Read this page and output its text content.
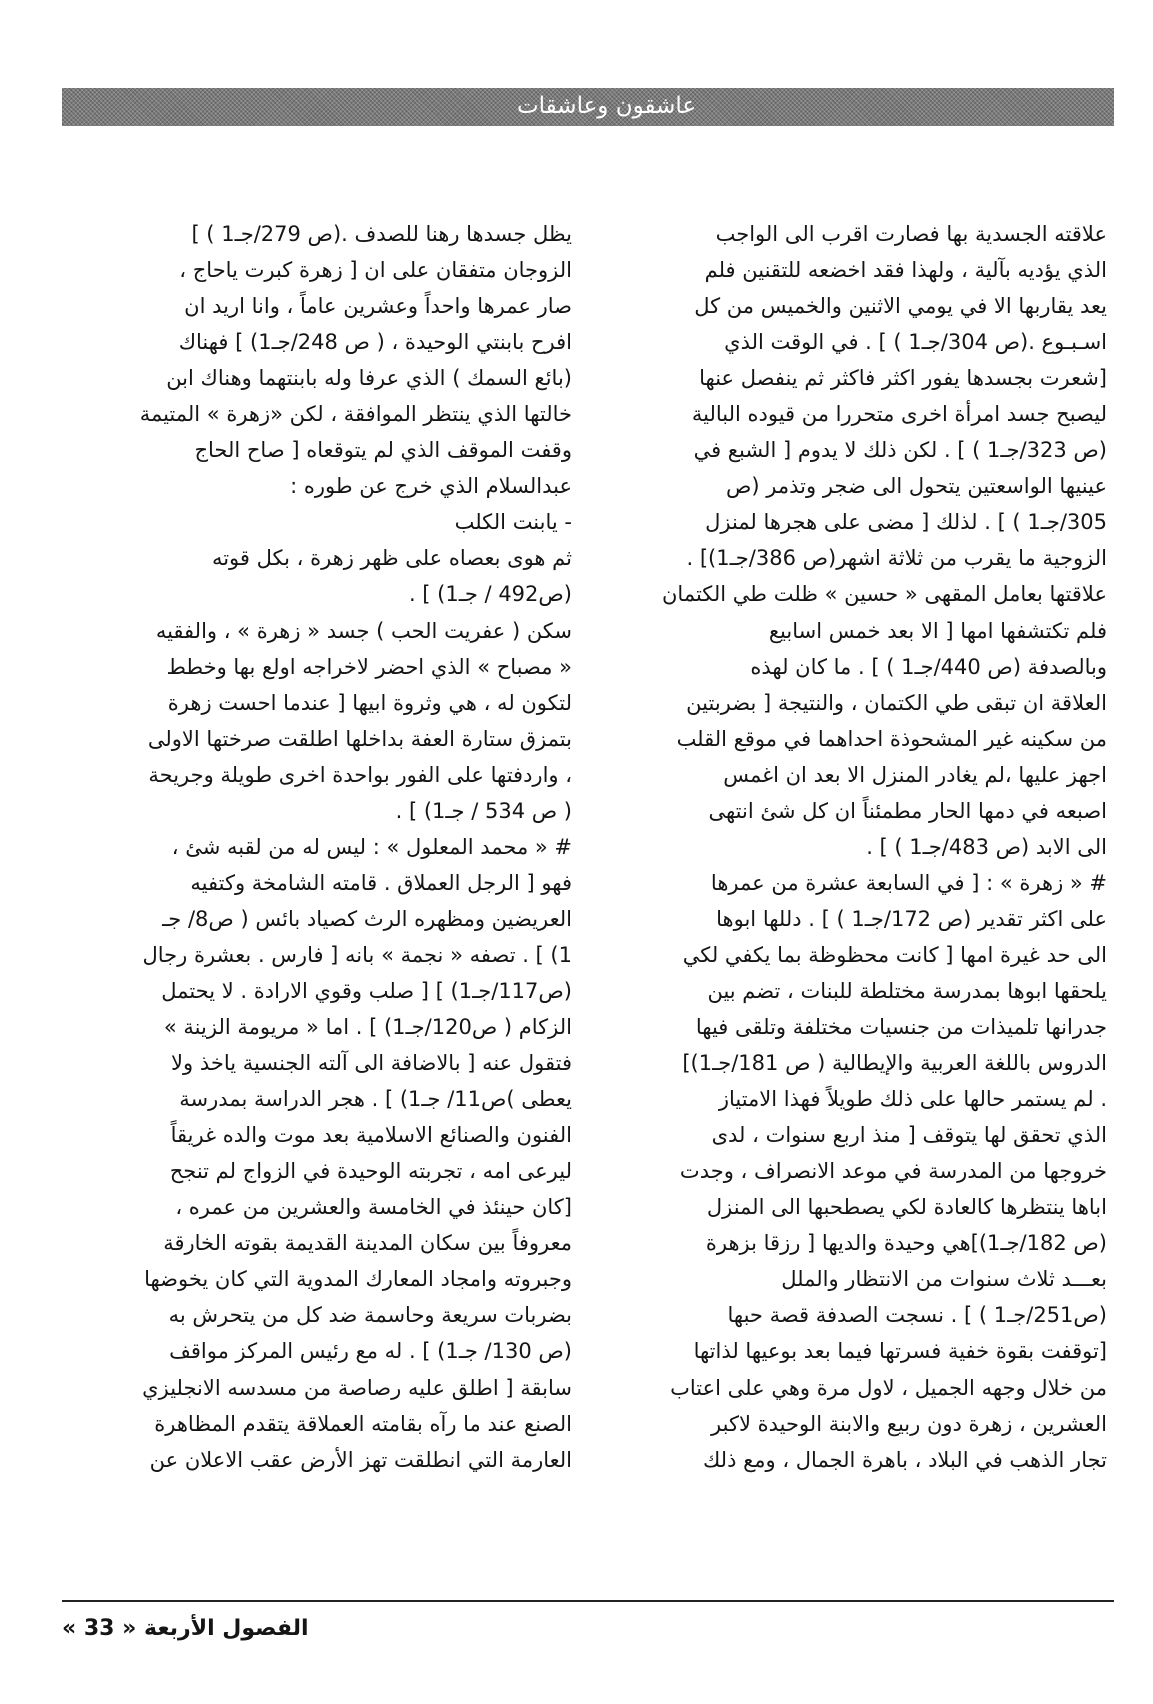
عاشقون وعاشقات

علاقته الجسدية بها فصارت اقرب الى الواجب
الذي يؤديه بآلية ، ولهذا فقد اخضعه للتقنين فلم
يعد يقاربها الا في يومي الاثنين والخميس من كل
اسـبـوع .(ص 304/جـ1 ) ] . في الوقت الذي
[شعرت بجسدها يفور اكثر فاكثر ثم ينفصل عنها
ليصبح جسد امرأة اخرى متحررا من قيوده البالية
(ص 323/جـ1 ) ] . لكن ذلك لا يدوم [ الشبع في
عينيها الواسعتين يتحول الى ضجر وتذمر (ص
305/جـ1 ) ] . لذلك [ مضى على هجرها لمنزل
الزوجية ما يقرب من ثلاثة اشهر(ص 386/جـ1)] .
علاقتها بعامل المقهى « حسين » ظلت طي الكتمان
فلم تكتشفها امها [ الا بعد خمس اسابيع
وبالصدفة (ص 440/جـ1 ) ] . ما كان لهذه
العلاقة ان تبقى طي الكتمان ، والنتيجة [ بضربتين
من سكينه غير المشحوذة احداهما في موقع القلب
اجهز عليها ،لم يغادر المنزل الا بعد ان اغمس
اصبعه في دمها الحار مطمئناً ان كل شئ انتهى
الى الابد (ص 483/جـ1 ) ] .
# « زهرة » : [ في السابعة عشرة من عمرها
على اكثر تقدير (ص 172/جـ1 ) ] . دللها ابوها
الى حد غيرة امها [ كانت محظوظة بما يكفي لكي
يلحقها ابوها بمدرسة مختلطة للبنات ، تضم بين
جدرانها تلميذات من جنسيات مختلفة وتلقى فيها
الدروس باللغة العربية والإيطالية ( ص 181/جـ1)]
. لم يستمر حالها على ذلك طويلاً فهذا الامتياز
الذي تحقق لها يتوقف [ منذ اربع سنوات ، لدى
خروجها من المدرسة في موعد الانصراف ، وجدت
اباها ينتظرها كالعادة لكي يصطحبها الى المنزل
(ص 182/جـ1)]هي وحيدة والديها [ رزقا بزهرة
بعـــد ثلاث سنوات من الانتظار والملل
(ص251/جـ1 ) ] . نسجت الصدفة قصة حبها
[توقفت بقوة خفية فسرتها فيما بعد بوعيها لذاتها
من خلال وجهه الجميل ، لاول مرة وهي على اعتاب
العشرين ، زهرة دون ربيع والابنة الوحيدة لاكبر
تجار الذهب في البلاد ، باهرة الجمال ، ومع ذلك

يظل جسدها رهنا للصدف .(ص 279/جـ1 ) ]
الزوجان متفقان على ان [ زهرة كبرت ياحاج ،
صار عمرها واحداً وعشرين عاماً ، وانا اريد ان
افرح بابنتي الوحيدة ، ( ص 248/جـ1) ] فهناك
(بائع السمك ) الذي عرفا وله بابنتهما وهناك ابن
خالتها الذي ينتظر الموافقة ، لكن «زهرة » المتيمة
وقفت الموقف الذي لم يتوقعاه [ صاح الحاج
عبدالسلام الذي خرج عن طوره :
- يابنت الكلب
ثم هوى بعصاه على ظهر زهرة ، بكل قوته
(ص492 / جـ1) ] .
سكن ( عفريت الحب ) جسد « زهرة » ، والفقيه
« مصباح » الذي احضر لاخراجه اولع بها وخطط
لتكون له ، هي وثروة ابيها [ عندما احست زهرة
بتمزق ستارة العفة بداخلها اطلقت صرختها الاولى
، واردفتها على الفور بواحدة اخرى طويلة وجريحة
( ص 534 / جـ1) ] .
# « محمد المعلول » : ليس له من لقبه شئ ،
فهو [ الرجل العملاق . قامته الشامخة وكتفيه
العريضين ومظهره الرث كصياد بائس ( ص8/ جـ
1) ] . تصفه « نجمة » بانه [ فارس . بعشرة رجال
(ص117/جـ1) ] [ صلب وقوي الارادة . لا يحتمل
الزكام ( ص120/جـ1) ] . اما « مريومة الزينة »
فتقول عنه [ بالاضافة الى آلته الجنسية ياخذ ولا
يعطى )ص11/ جـ1) ] . هجر الدراسة بمدرسة
الفنون والصنائع الاسلامية بعد موت والده غريقاً
ليرعى امه ، تجربته الوحيدة في الزواج لم تنجح
[كان حينئذ في الخامسة والعشرين من عمره ،
معروفاً بين سكان المدينة القديمة بقوته الخارقة
وجبروته وامجاد المعارك المدوية التي كان يخوضها
بضربات سريعة وحاسمة ضد كل من يتحرش به
(ص 130/ جـ1) ] . له مع رئيس المركز مواقف
سابقة [ اطلق عليه رصاصة من مسدسه الانجليزي
الصنع عند ما رآه بقامته العملاقة يتقدم المظاهرة
العارمة التي انطلقت تهز الأرض عقب الاعلان عن

الفصول الأربعة « 33 »
